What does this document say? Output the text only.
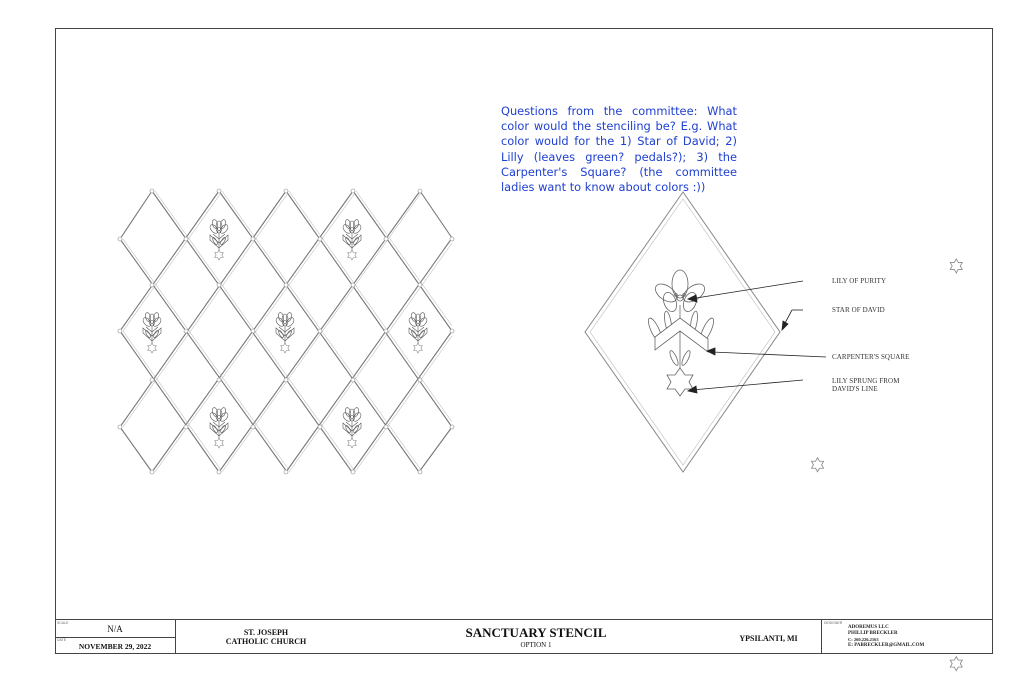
Questions from the committee: What color would the stenciling be? E.g. What color would for the 1) Star of David; 2) Lilly (leaves green? pedals?); 3) the Carpenter's Square? (the committee ladies want to know about colors :))

LILY OF PURITY
STAR OF DAVID
CARPENTER'S SQUARE
LILY SPRUNG FROM
DAVID'S LINE
SCALE
N/A
DATE
NOVEMBER 29, 2022
ST. JOSEPH
CATHOLIC CHURCH
SANCTUARY STENCIL
OPTION 1
YPSILANTI, MI
DESIGNER
ADOREMUS LLC
PHILLIP BRECKLER
C: 260.226.2163
E: PABRECKLER@GMAIL.COM
